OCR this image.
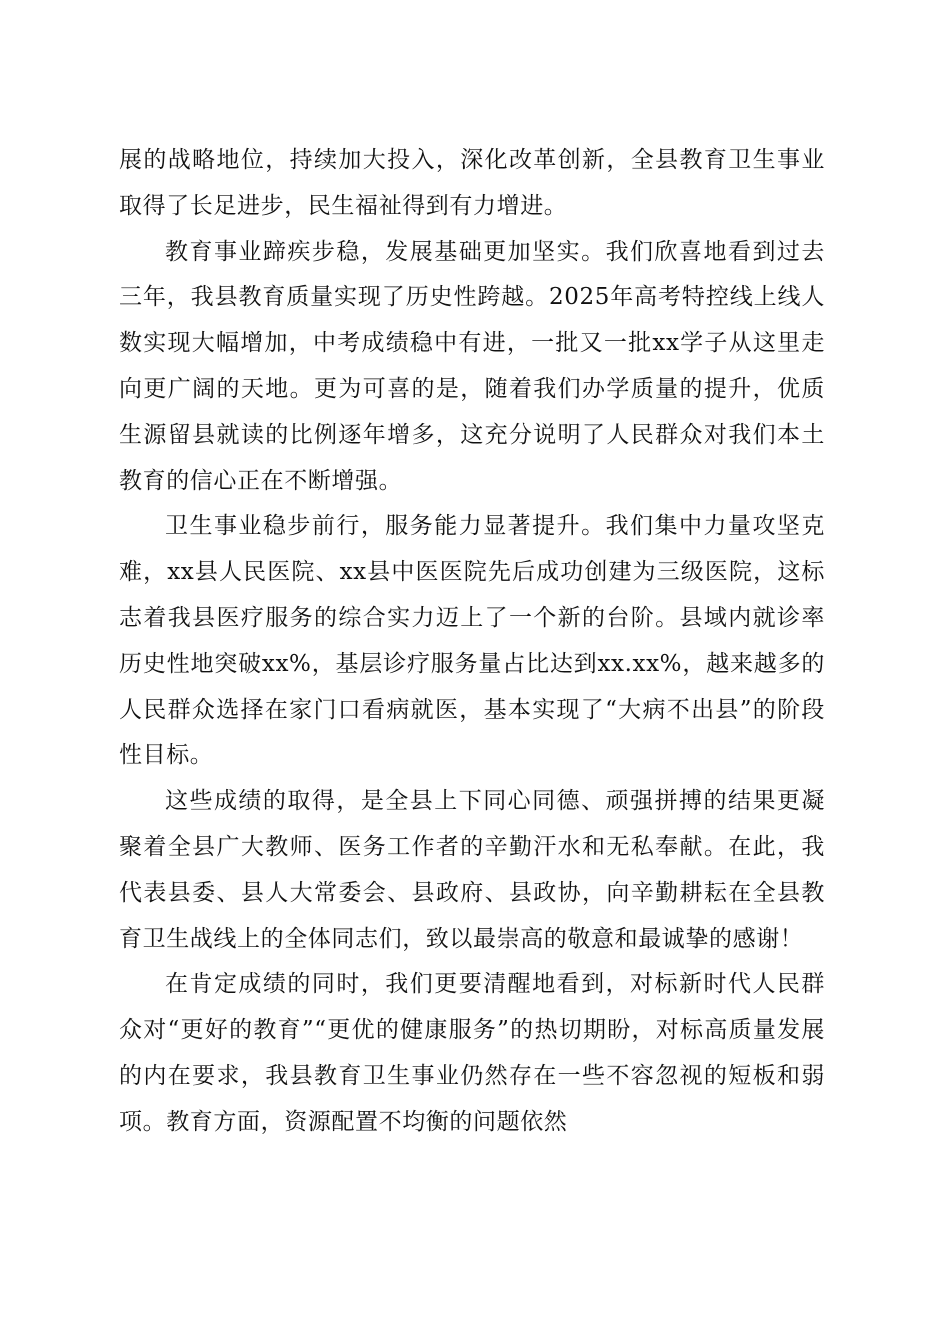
展的战略地位，持续加大投入，深化改革创新，全县教育卫生事业取得了长足进步，民生福祉得到有力增进。

教育事业蹄疾步稳，发展基础更加坚实。我们欣喜地看到过去三年，我县教育质量实现了历史性跨越。2025年高考特控线上线人数实现大幅增加，中考成绩稳中有进，一批又一批xx学子从这里走向更广阔的天地。更为可喜的是，随着我们办学质量的提升，优质生源留县就读的比例逐年增多，这充分说明了人民群众对我们本土教育的信心正在不断增强。

卫生事业稳步前行，服务能力显著提升。我们集中力量攻坚克难，xx县人民医院、xx县中医医院先后成功创建为三级医院，这标志着我县医疗服务的综合实力迈上了一个新的台阶。县域内就诊率历史性地突破xx%，基层诊疗服务量占比达到xx.xx%，越来越多的人民群众选择在家门口看病就医，基本实现了“大病不出县”的阶段性目标。

这些成绩的取得，是全县上下同心同德、顽强拼搏的结果更凝聚着全县广大教师、医务工作者的辛勤汗水和无私奉献。在此，我代表县委、县人大常委会、县政府、县政协，向辛勤耕耘在全县教育卫生战线上的全体同志们，致以最崇高的敬意和最诚挚的感谢！

在肯定成绩的同时，我们更要清醒地看到，对标新时代人民群众对“更好的教育”“更优的健康服务”的热切期盼，对标高质量发展的内在要求，我县教育卫生事业仍然存在一些不容忽视的短板和弱项。教育方面，资源配置不均衡的问题依然
